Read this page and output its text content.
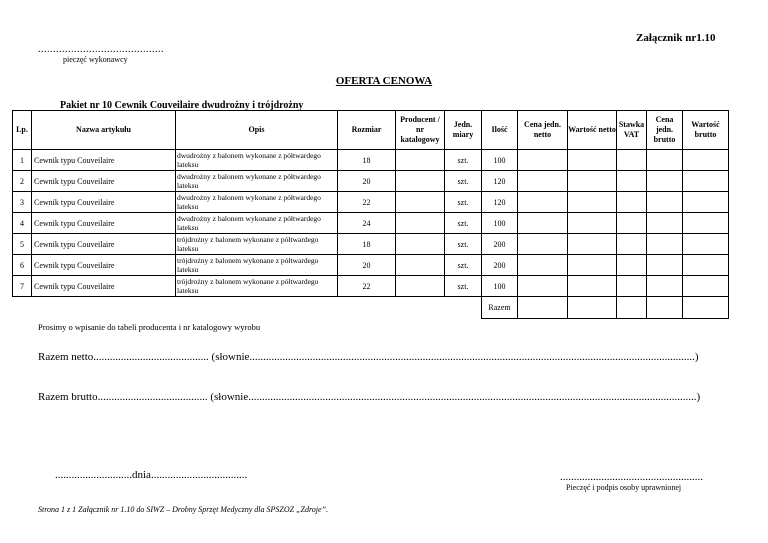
Załącznik nr1.10
..........................................
pieczęć wykonawcy
OFERTA CENOWA
Pakiet nr 10 Cewnik Couveilaire dwudrożny i trójdrożny
Lp.	Nazwa artykułu	Opis	Rozmiar	Producent / nr katalogowy	Jedn. miary	Ilość	Cena jedn. netto	Wartość netto	Stawka VAT	Cena jedn. brutto	Wartość brutto
1	Cewnik typu Couveilaire	dwudrożny z balonem wykonane z półtwardego lateksu	18		szt.	100					
2	Cewnik typu Couveilaire	dwudrożny z balonem wykonane z półtwardego lateksu	20		szt.	120					
3	Cewnik typu Couveilaire	dwudrożny z balonem wykonane z półtwardego lateksu	22		szt.	120					
4	Cewnik typu Couveilaire	dwudrożny z balonem wykonane z półtwardego lateksu	24		szt.	100					
5	Cewnik typu Couveilaire	trójdrożny z balonem wykonane z półtwardego lateksu	18		szt.	200					
6	Cewnik typu Couveilaire	trójdrożny z balonem wykonane z półtwardego lateksu	20		szt.	200					
7	Cewnik typu Couveilaire	trójdrożny z balonem wykonane z półtwardego lateksu	22		szt.	100					
						Razem					
Prosimy o wpisanie do tabeli producenta i nr katalogowy wyrobu
Razem netto.......................................... (słownie..................................................................................................................................................................)
Razem brutto........................................ (słownie...................................................................................................................................................................)
............................dnia...................................	....................................................
Pieczęć i podpis osoby uprawnionej
Strona 1 z 1 Załącznik nr 1.10 do SIWZ – Drobny Sprzęt Medyczny dla SPSZOZ „Zdroje”.
